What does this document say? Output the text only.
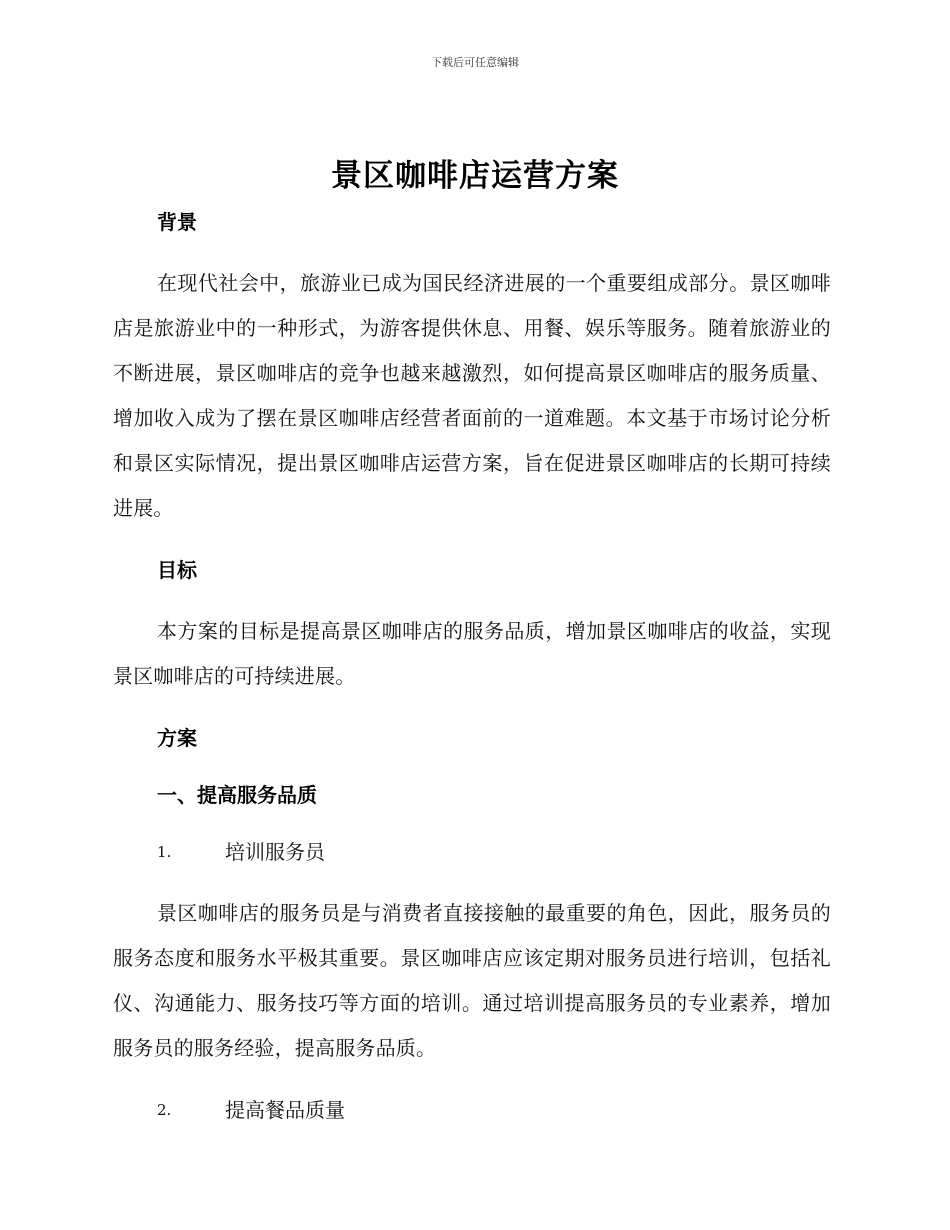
下载后可任意编辑
景区咖啡店运营方案

背景

在现代社会中，旅游业已成为国民经济进展的一个重要组成部分。景区咖啡店是旅游业中的一种形式，为游客提供休息、用餐、娱乐等服务。随着旅游业的不断进展，景区咖啡店的竞争也越来越激烈，如何提高景区咖啡店的服务质量、增加收入成为了摆在景区咖啡店经营者面前的一道难题。本文基于市场讨论分析和景区实际情况，提出景区咖啡店运营方案，旨在促进景区咖啡店的长期可持续进展。

目标

本方案的目标是提高景区咖啡店的服务品质，增加景区咖啡店的收益，实现景区咖啡店的可持续进展。

方案

一、提高服务品质

1.	培训服务员

景区咖啡店的服务员是与消费者直接接触的最重要的角色，因此，服务员的服务态度和服务水平极其重要。景区咖啡店应该定期对服务员进行培训，包括礼仪、沟通能力、服务技巧等方面的培训。通过培训提高服务员的专业素养，增加服务员的服务经验，提高服务品质。

2.	提高餐品质量
